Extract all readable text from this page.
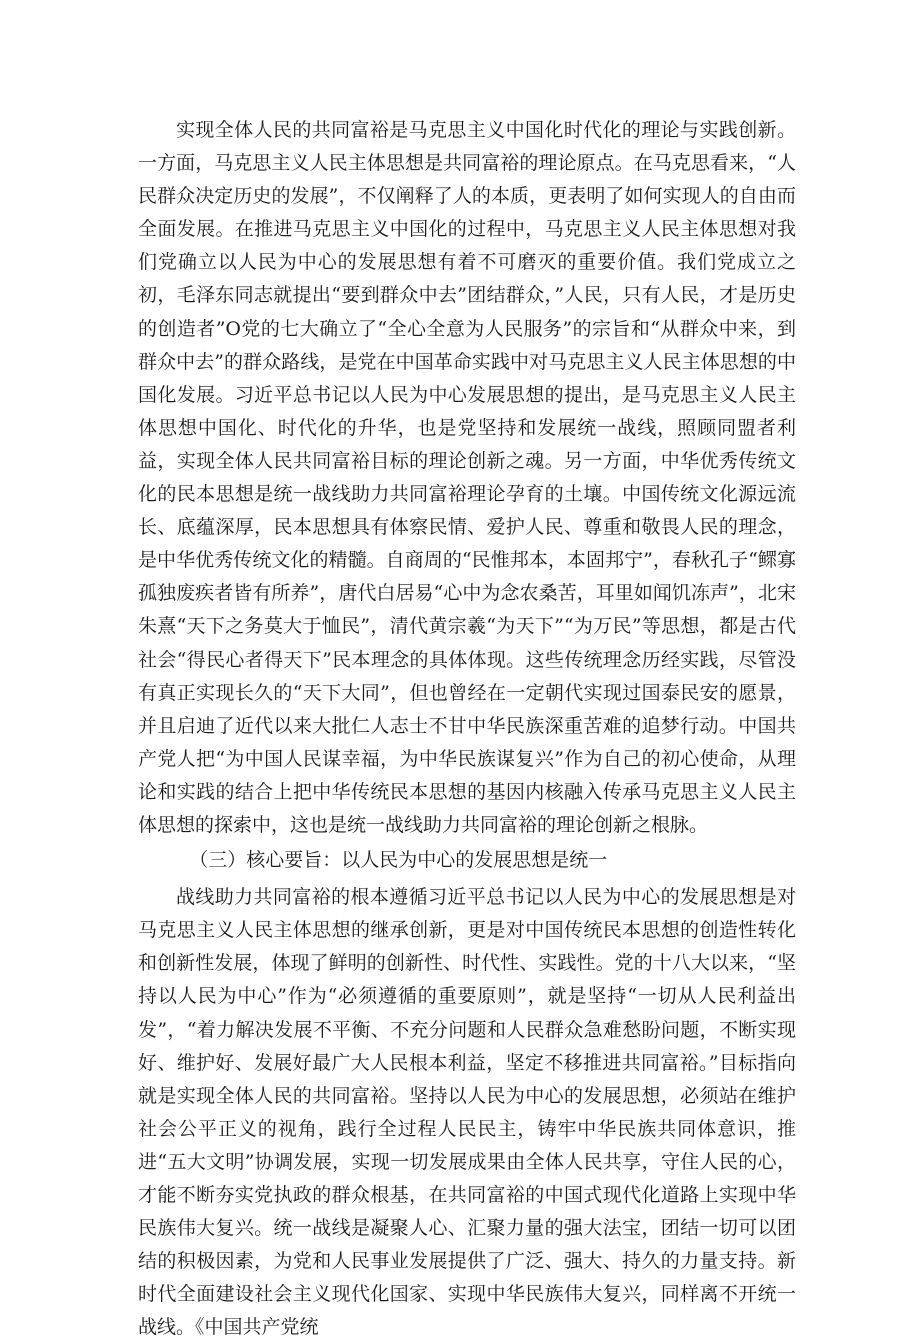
实现全体人民的共同富裕是马克思主义中国化时代化的理论与实践创新。一方面，马克思主义人民主体思想是共同富裕的理论原点。在马克思看来，“人民群众决定历史的发展”，不仅阐释了人的本质，更表明了如何实现人的自由而全面发展。在推进马克思主义中国化的过程中，马克思主义人民主体思想对我们党确立以人民为中心的发展思想有着不可磨灭的重要价值。我们党成立之初，毛泽东同志就提出“要到群众中去”团结群众，”人民，只有人民，才是历史的创造者”O党的七大确立了“全心全意为人民服务”的宗旨和“从群众中来，到群众中去”的群众路线，是党在中国革命实践中对马克思主义人民主体思想的中国化发展。习近平总书记以人民为中心发展思想的提出，是马克思主义人民主体思想中国化、时代化的升华，也是党坚持和发展统一战线，照顾同盟者利益，实现全体人民共同富裕目标的理论创新之魂。另一方面，中华优秀传统文化的民本思想是统一战线助力共同富裕理论孕育的土壤。中国传统文化源远流长、底蕴深厚，民本思想具有体察民情、爱护人民、尊重和敬畏人民的理念，是中华优秀传统文化的精髓。自商周的“民惟邦本，本固邦宁”，春秋孔子“鳏寡孤独废疾者皆有所养”，唐代白居易“心中为念农桑苦，耳里如闻饥冻声”，北宋朱熹“天下之务莫大于恤民”，清代黄宗羲“为天下”“为万民”等思想，都是古代社会“得民心者得天下”民本理念的具体体现。这些传统理念历经实践，尽管没有真正实现长久的“天下大同”，但也曾经在一定朝代实现过国泰民安的愿景，并且启迪了近代以来大批仁人志士不甘中华民族深重苦难的追梦行动。中国共产党人把“为中国人民谋幸福，为中华民族谋复兴”作为自己的初心使命，从理论和实践的结合上把中华传统民本思想的基因内核融入传承马克思主义人民主体思想的探索中，这也是统一战线助力共同富裕的理论创新之根脉。

（三）核心要旨：以人民为中心的发展思想是统一

战线助力共同富裕的根本遵循习近平总书记以人民为中心的发展思想是对马克思主义人民主体思想的继承创新，更是对中国传统民本思想的创造性转化和创新性发展，体现了鲜明的创新性、时代性、实践性。党的十八大以来，“坚持以人民为中心”作为“必须遵循的重要原则”，就是坚持“一切从人民利益出发”，“着力解决发展不平衡、不充分问题和人民群众急难愁盼问题，不断实现好、维护好、发展好最广大人民根本利益，坚定不移推进共同富裕。”目标指向就是实现全体人民的共同富裕。坚持以人民为中心的发展思想，必须站在维护社会公平正义的视角，践行全过程人民民主，铸牢中华民族共同体意识，推进“五大文明”协调发展，实现一切发展成果由全体人民共享，守住人民的心，才能不断夯实党执政的群众根基，在共同富裕的中国式现代化道路上实现中华民族伟大复兴。统一战线是凝聚人心、汇聚力量的强大法宝，团结一切可以团结的积极因素，为党和人民事业发展提供了广泛、强大、持久的力量支持。新时代全面建设社会主义现代化国家、实现中华民族伟大复兴，同样离不开统一战线。《中国共产党统
